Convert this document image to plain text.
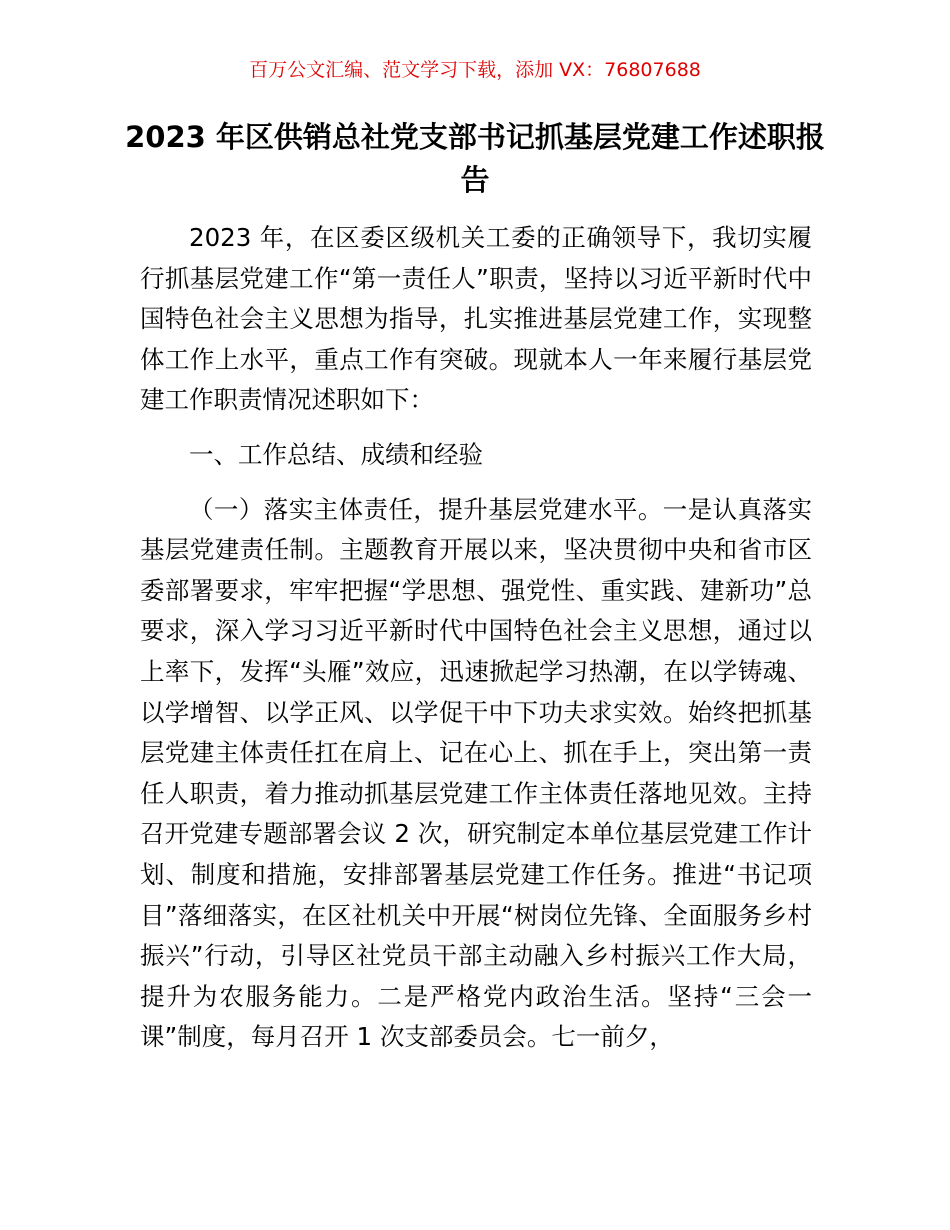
百万公文汇编、范文学习下载，添加 VX：76807688
2023 年区供销总社党支部书记抓基层党建工作述职报告

2023 年，在区委区级机关工委的正确领导下，我切实履行抓基层党建工作“第一责任人”职责，坚持以习近平新时代中国特色社会主义思想为指导，扎实推进基层党建工作，实现整体工作上水平，重点工作有突破。现就本人一年来履行基层党建工作职责情况述职如下：

一、工作总结、成绩和经验

（一）落实主体责任，提升基层党建水平。一是认真落实基层党建责任制。主题教育开展以来，坚决贯彻中央和省市区委部署要求，牢牢把握“学思想、强党性、重实践、建新功”总要求，深入学习习近平新时代中国特色社会主义思想，通过以上率下，发挥“头雁”效应，迅速掀起学习热潮，在以学铸魂、以学增智、以学正风、以学促干中下功夫求实效。始终把抓基层党建主体责任扛在肩上、记在心上、抓在手上，突出第一责任人职责，着力推动抓基层党建工作主体责任落地见效。主持召开党建专题部署会议 2 次，研究制定本单位基层党建工作计划、制度和措施，安排部署基层党建工作任务。推进“书记项目”落细落实，在区社机关中开展“树岗位先锋、全面服务乡村振兴”行动，引导区社党员干部主动融入乡村振兴工作大局，提升为农服务能力。二是严格党内政治生活。坚持“三会一课”制度，每月召开 1 次支部委员会。七一前夕，
